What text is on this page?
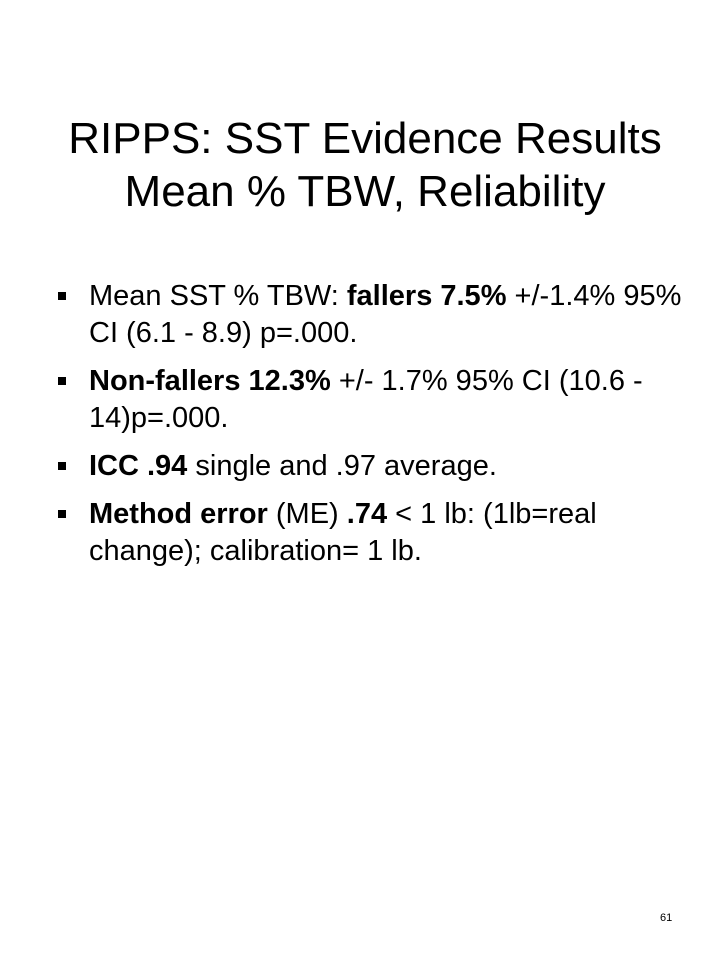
RIPPS: SST Evidence Results
Mean % TBW, Reliability
Mean SST % TBW: fallers 7.5% +/-1.4% 95% CI (6.1 - 8.9) p=.000.
Non-fallers 12.3% +/- 1.7% 95% CI (10.6 - 14)p=.000.
ICC .94 single and .97 average.
Method error (ME) .74 < 1 lb: (1lb=real change); calibration= 1 lb.
61
